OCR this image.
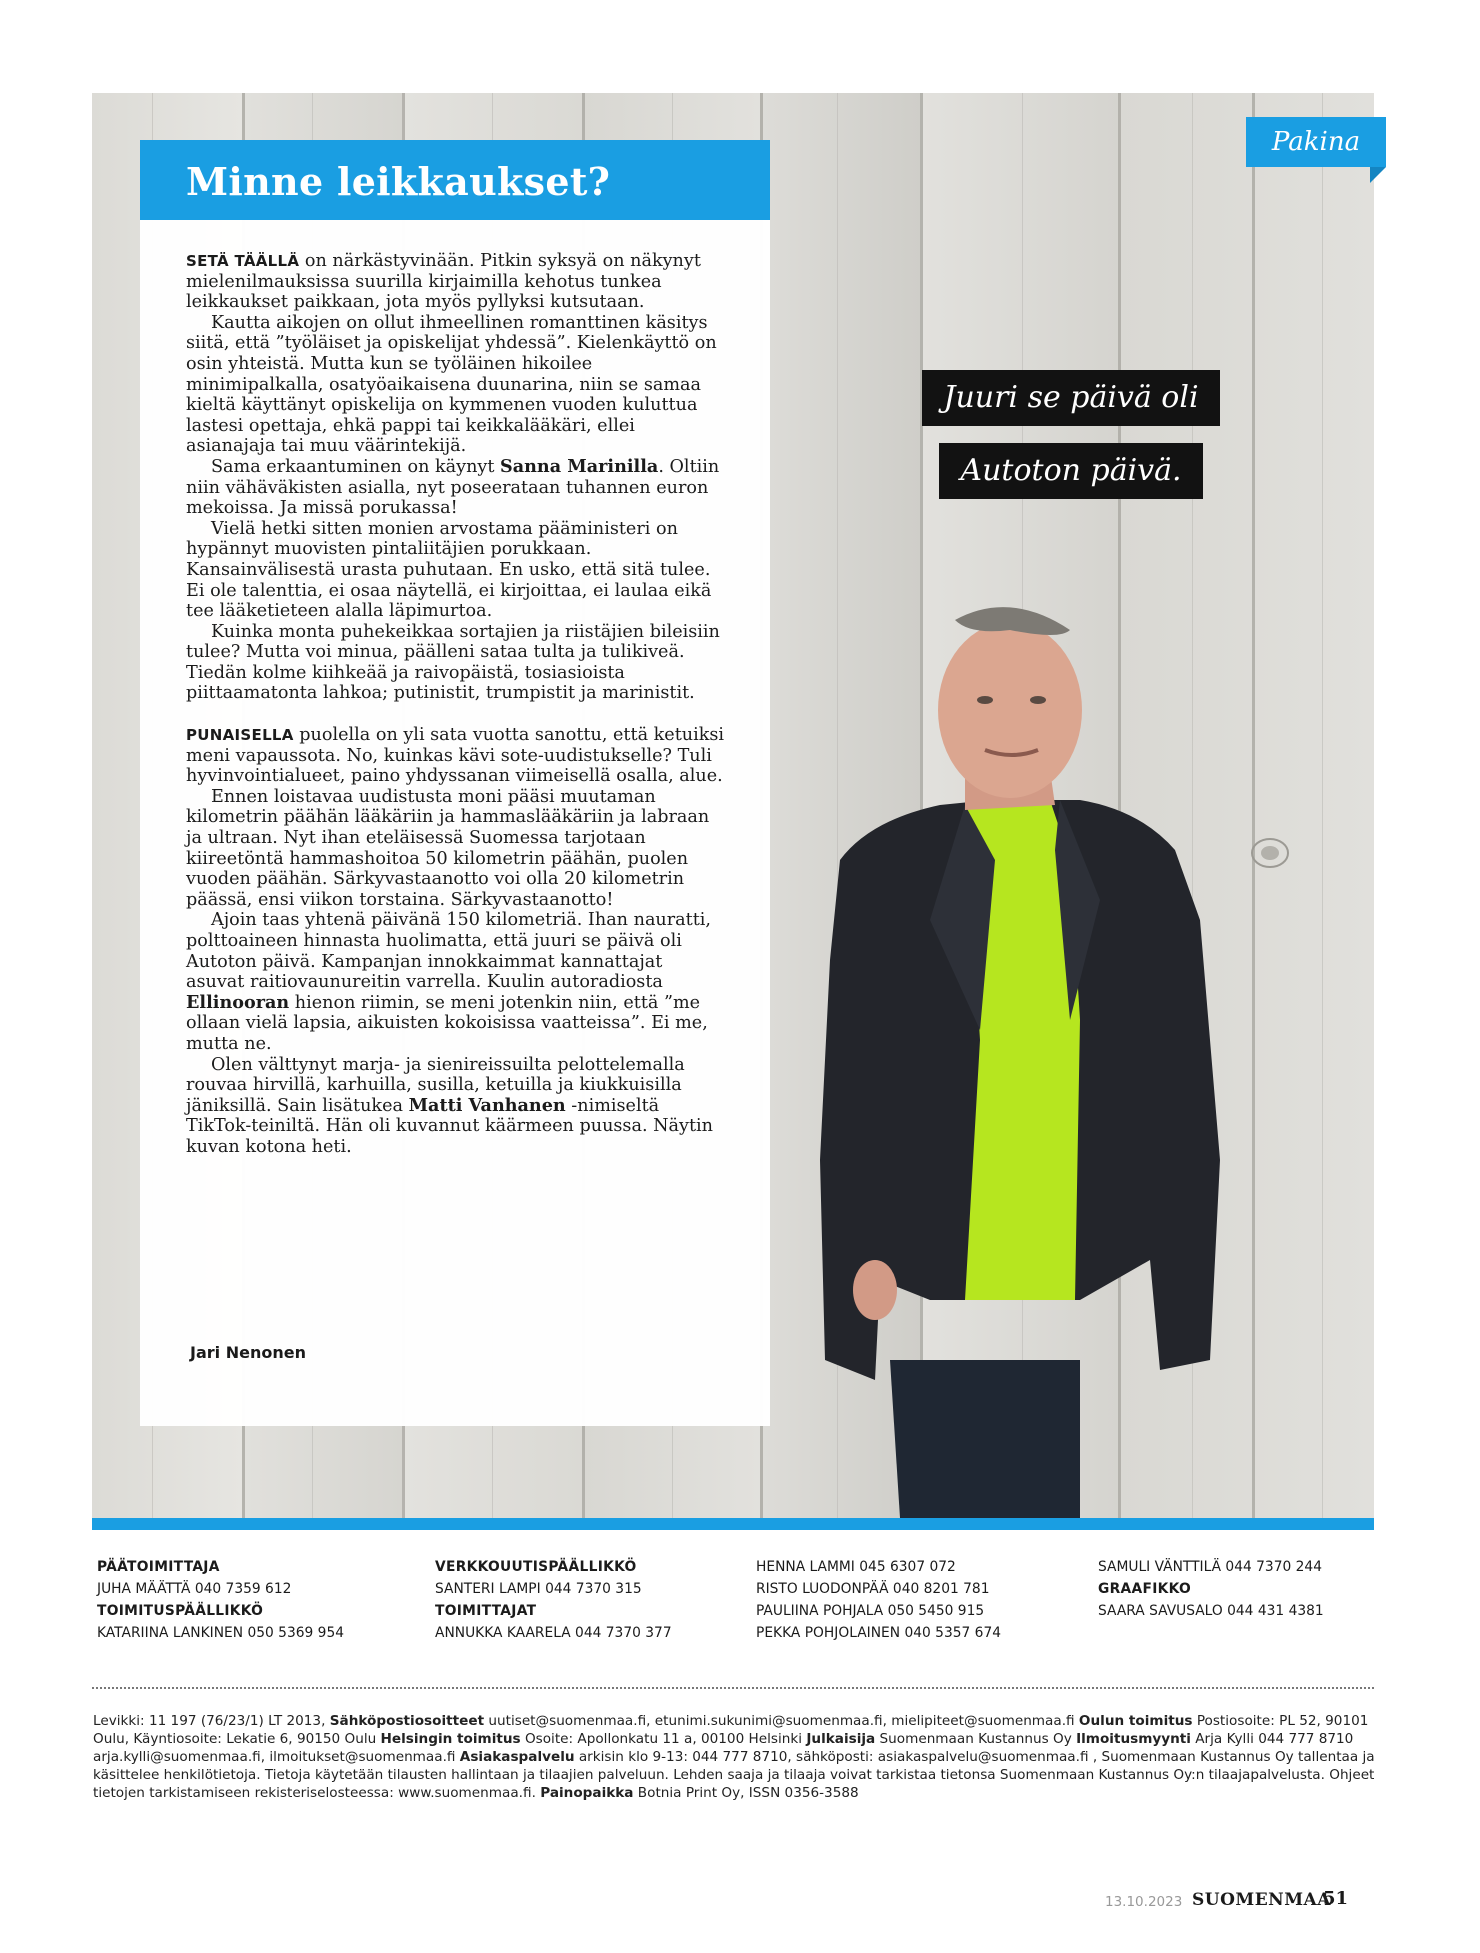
Pakina
Minne leikkaukset?

SETÄ TÄÄLLÄ on närkästyvinään. Pitkin syksyä on näkynyt mielenilmauksissa suurilla kirjaimilla kehotus tunkea leikkaukset paikkaan, jota myös pyllyksi kutsutaan.

Kautta aikojen on ollut ihmeellinen romanttinen käsitys siitä, että ”työläiset ja opiskelijat yhdessä”. Kielenkäyttö on osin yhteistä. Mutta kun se työläinen hikoilee minimipalkalla, osatyöaikaisena duunarina, niin se samaa kieltä käyttänyt opiskelija on kymmenen vuoden kuluttua lastesi opettaja, ehkä pappi tai keikkalääkäri, ellei asianajaja tai muu väärintekijä.

Sama erkaantuminen on käynyt Sanna Marinilla. Oltiin niin vähäväkisten asialla, nyt poseerataan tuhannen euron mekoissa. Ja missä porukassa!

Vielä hetki sitten monien arvostama pääministeri on hypännyt muovisten pintaliitäjien porukkaan. Kansainvälisestä urasta puhutaan. En usko, että sitä tulee. Ei ole talenttia, ei osaa näytellä, ei kirjoittaa, ei laulaa eikä tee lääketieteen alalla läpimurtoa.

Kuinka monta puhekeikkaa sortajien ja riistäjien bileisiin tulee? Mutta voi minua, päälleni sataa tulta ja tulikiveä. Tiedän kolme kiihkeää ja raivopäistä, tosiasioista piittaamatonta lahkoa; putinistit, trumpistit ja marinistit.

PUNAISELLA puolella on yli sata vuotta sanottu, että ketuiksi meni vapaussota. No, kuinkas kävi sote-uudistukselle? Tuli hyvinvointialueet, paino yhdyssanan viimeisellä osalla, alue.

Ennen loistavaa uudistusta moni pääsi muutaman kilometrin päähän lääkäriin ja hammaslääkäriin ja labraan ja ultraan. Nyt ihan eteläisessä Suomessa tarjotaan kiireetöntä hammashoitoa 50 kilometrin päähän, puolen vuoden päähän. Särkyvastaanotto voi olla 20 kilometrin päässä, ensi viikon torstaina. Särkyvastaanotto!

Ajoin taas yhtenä päivänä 150 kilometriä. Ihan nauratti, polttoaineen hinnasta huolimatta, että juuri se päivä oli Autoton päivä. Kampanjan innokkaimmat kannattajat asuvat raitiovaunureitin varrella. Kuulin autoradiosta Ellinooran hienon riimin, se meni jotenkin niin, että ”me ollaan vielä lapsia, aikuisten kokoisissa vaatteissa”. Ei me, mutta ne.

Olen välttynyt marja- ja sienireissuilta pelottelemalla rouvaa hirvillä, karhuilla, susilla, ketuilla ja kiukkuisilla jäniksillä. Sain lisätukea Matti Vanhanen -nimiseltä TikTok-teiniltä. Hän oli kuvannut käärmeen puussa. Näytin kuvan kotona heti.

Jari Nenonen
Juuri se päivä oli
Autoton päivä.
PÄÄTOIMITTAJA
JUHA MÄÄTTÄ 040 7359 612
TOIMITUSPÄÄLLIKKÖ
KATARIINA LANKINEN 050 5369 954
VERKKOUUTISPÄÄLLIKKÖ
SANTERI LAMPI 044 7370 315
TOIMITTAJAT
ANNUKKA KAARELA 044 7370 377
HENNA LAMMI 045 6307 072
RISTO LUODONPÄÄ 040 8201 781
PAULIINA POHJALA 050 5450 915
PEKKA POHJOLAINEN 040 5357 674
SAMULI VÄNTTILÄ 044 7370 244
GRAAFIKKO
SAARA SAVUSALO 044 431 4381
Levikki: 11 197 (76/23/1) LT 2013, Sähköpostiosoitteet uutiset@suomenmaa.fi, etunimi.sukunimi@suomenmaa.fi, mielipiteet@suomenmaa.fi Oulun toimitus Postiosoite: PL 52, 90101 Oulu, Käyntiosoite: Lekatie 6, 90150 Oulu Helsingin toimitus Osoite: Apollonkatu 11 a, 00100 Helsinki Julkaisija Suomenmaan Kustannus Oy Ilmoitusmyynti Arja Kylli 044 777 8710 arja.kylli@suomenmaa.fi, ilmoitukset@suomenmaa.fi Asiakaspalvelu arkisin klo 9-13: 044 777 8710, sähköposti: asiakaspalvelu@suomenmaa.fi , Suomenmaan Kustannus Oy tallentaa ja käsittelee henkilötietoja. Tietoja käytetään tilausten hallintaan ja tilaajien palveluun. Lehden saaja ja tilaaja voivat tarkistaa tietonsa Suomenmaan Kustannus Oy:n tilaajapalvelusta. Ohjeet tietojen tarkistamiseen rekisteriselosteessa: www.suomenmaa.fi. Painopaikka Botnia Print Oy, ISSN 0356-3588
13.10.2023 SUOMENMAA
51
